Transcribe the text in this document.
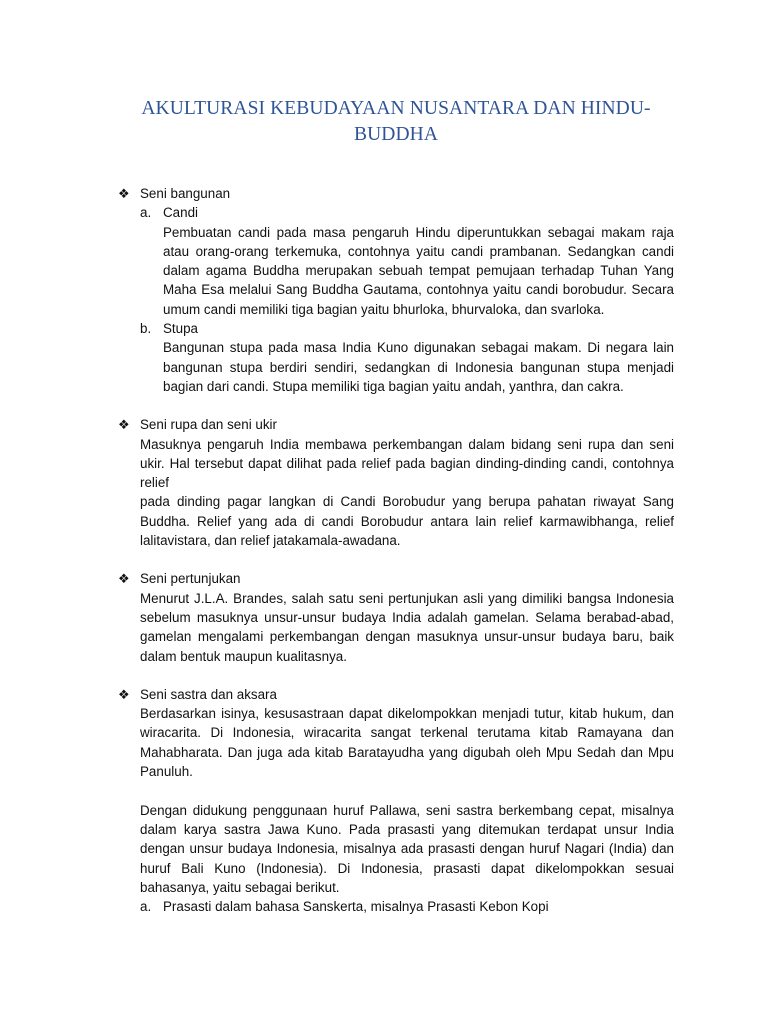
AKULTURASI KEBUDAYAAN NUSANTARA DAN HINDU-BUDDHA
❖ Seni bangunan
a. Candi
Pembuatan candi pada masa pengaruh Hindu diperuntukkan sebagai makam raja atau orang-orang terkemuka, contohnya yaitu candi prambanan. Sedangkan candi dalam agama Buddha merupakan sebuah tempat pemujaan terhadap Tuhan Yang Maha Esa melalui Sang Buddha Gautama, contohnya yaitu candi borobudur. Secara umum candi memiliki tiga bagian yaitu bhurloka, bhurvaloka, dan svarloka.
b. Stupa
Bangunan stupa pada masa India Kuno digunakan sebagai makam. Di negara lain bangunan stupa berdiri sendiri, sedangkan di Indonesia bangunan stupa menjadi bagian dari candi. Stupa memiliki tiga bagian yaitu andah, yanthra, dan cakra.
❖ Seni rupa dan seni ukir

Masuknya pengaruh India membawa perkembangan dalam bidang seni rupa dan seni ukir. Hal tersebut dapat dilihat pada relief pada bagian dinding-dinding candi, contohnya relief

pada dinding pagar langkan di Candi Borobudur yang berupa pahatan riwayat Sang Buddha. Relief yang ada di candi Borobudur antara lain relief karmawibhanga, relief lalitavistara, dan relief jatakamala-awadana.

❖ Seni pertunjukan

Menurut J.L.A. Brandes, salah satu seni pertunjukan asli yang dimiliki bangsa Indonesia sebelum masuknya unsur-unsur budaya India adalah gamelan. Selama berabad-abad, gamelan mengalami perkembangan dengan masuknya unsur-unsur budaya baru, baik dalam bentuk maupun kualitasnya.

❖ Seni sastra dan aksara

Berdasarkan isinya, kesusastraan dapat dikelompokkan menjadi tutur, kitab hukum, dan wiracarita. Di Indonesia, wiracarita sangat terkenal terutama kitab Ramayana dan Mahabharata. Dan juga ada kitab Baratayudha yang digubah oleh Mpu Sedah dan Mpu Panuluh.

Dengan didukung penggunaan huruf Pallawa, seni sastra berkembang cepat, misalnya dalam karya sastra Jawa Kuno. Pada prasasti yang ditemukan terdapat unsur India dengan unsur budaya Indonesia, misalnya ada prasasti dengan huruf Nagari (India) dan huruf Bali Kuno (Indonesia). Di Indonesia, prasasti dapat dikelompokkan sesuai bahasanya, yaitu sebagai berikut.

a. Prasasti dalam bahasa Sanskerta, misalnya Prasasti Kebon Kopi
